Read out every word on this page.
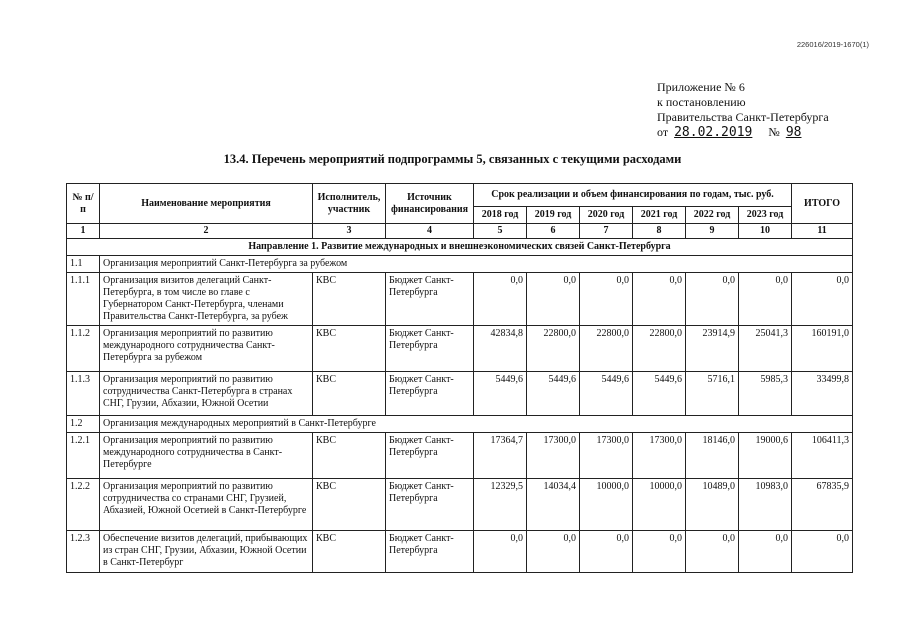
226016/2019-1670(1)
Приложение № 6
к постановлению
Правительства Санкт-Петербурга
от 28.02.2019 № 98
13.4. Перечень мероприятий подпрограммы 5, связанных с текущими расходами
№ п/п	Наименование мероприятия	Исполнитель, участник	Источник финансирования	Срок реализации и объем финансирования по годам, тыс. руб.						ИТОГО
				2018 год	2019 год	2020 год	2021 год	2022 год	2023 год	
1	2	3	4	5	6	7	8	9	10	11
Направление 1. Развитие международных и внешнеэкономических связей Санкт-Петербурга										
1.1	Организация мероприятий Санкт-Петербурга за рубежом									
1.1.1	Организация визитов делегаций Санкт-Петербурга, в том числе во главе с Губернатором Санкт-Петербурга, членами Правительства Санкт-Петербурга, за рубеж	КВС	Бюджет Санкт-Петербурга	0,0	0,0	0,0	0,0	0,0	0,0	0,0
1.1.2	Организация мероприятий по развитию международного сотрудничества Санкт-Петербурга за рубежом	КВС	Бюджет Санкт-Петербурга	42834,8	22800,0	22800,0	22800,0	23914,9	25041,3	160191,0
1.1.3	Организация мероприятий по развитию сотрудничества Санкт-Петербурга в странах СНГ, Грузии, Абхазии, Южной Осетии	КВС	Бюджет Санкт-Петербурга	5449,6	5449,6	5449,6	5449,6	5716,1	5985,3	33499,8
1.2	Организация международных мероприятий в Санкт-Петербурге									
1.2.1	Организация мероприятий по развитию международного сотрудничества в Санкт-Петербурге	КВС	Бюджет Санкт-Петербурга	17364,7	17300,0	17300,0	17300,0	18146,0	19000,6	106411,3
1.2.2	Организация мероприятий по развитию сотрудничества со странами СНГ, Грузией, Абхазией, Южной Осетией в Санкт-Петербурге	КВС	Бюджет Санкт-Петербурга	12329,5	14034,4	10000,0	10000,0	10489,0	10983,0	67835,9
1.2.3	Обеспечение визитов делегаций, прибывающих из стран СНГ, Грузии, Абхазии, Южной Осетии в Санкт-Петербург	КВС	Бюджет Санкт-Петербурга	0,0	0,0	0,0	0,0	0,0	0,0	0,0
